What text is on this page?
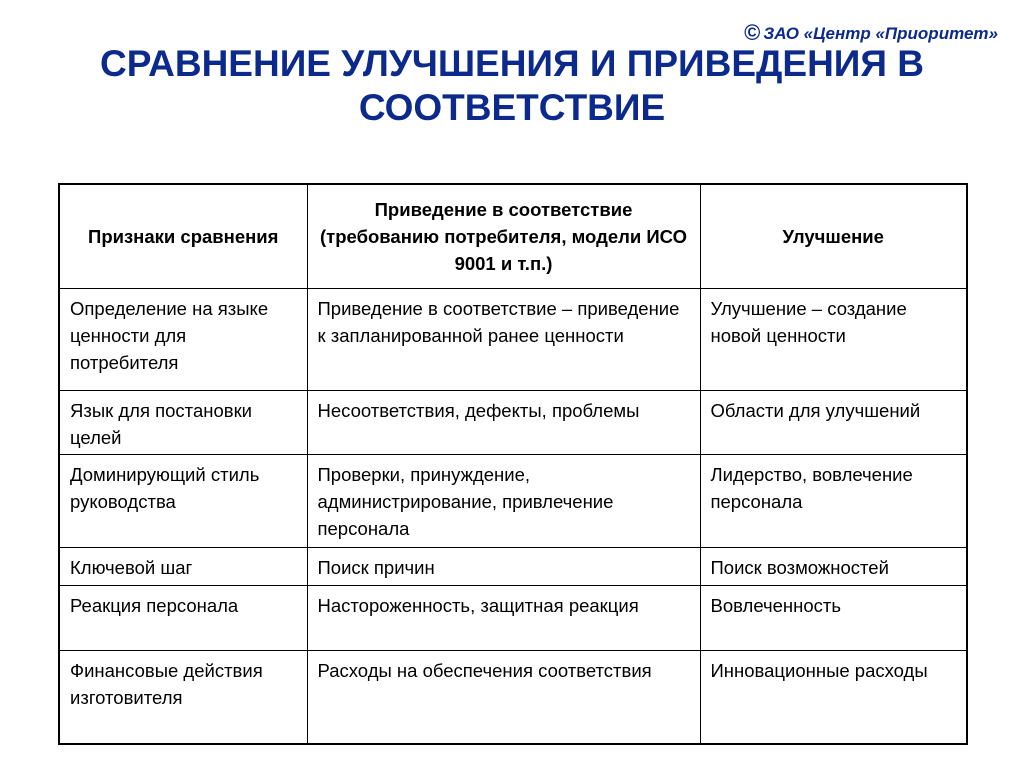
© ЗАО «Центр «Приоритет»
СРАВНЕНИЕ УЛУЧШЕНИЯ И ПРИВЕДЕНИЯ В СООТВЕТСТВИЕ
Признаки сравнения	Приведение в соответствие (требованию потребителя, модели ИСО 9001 и т.п.)	Улучшение
Определение на языке ценности для потребителя	Приведение в соответствие – приведение к запланированной ранее ценности	Улучшение – создание новой ценности
Язык для постановки целей	Несоответствия, дефекты, проблемы	Области для улучшений
Доминирующий стиль руководства	Проверки, принуждение, администрирование, привлечение персонала	Лидерство, вовлечение персонала
Ключевой шаг	Поиск причин	Поиск возможностей
Реакция персонала	Настороженность, защитная реакция	Вовлеченность
Финансовые действия изготовителя	Расходы на обеспечения соответствия	Инновационные расходы
